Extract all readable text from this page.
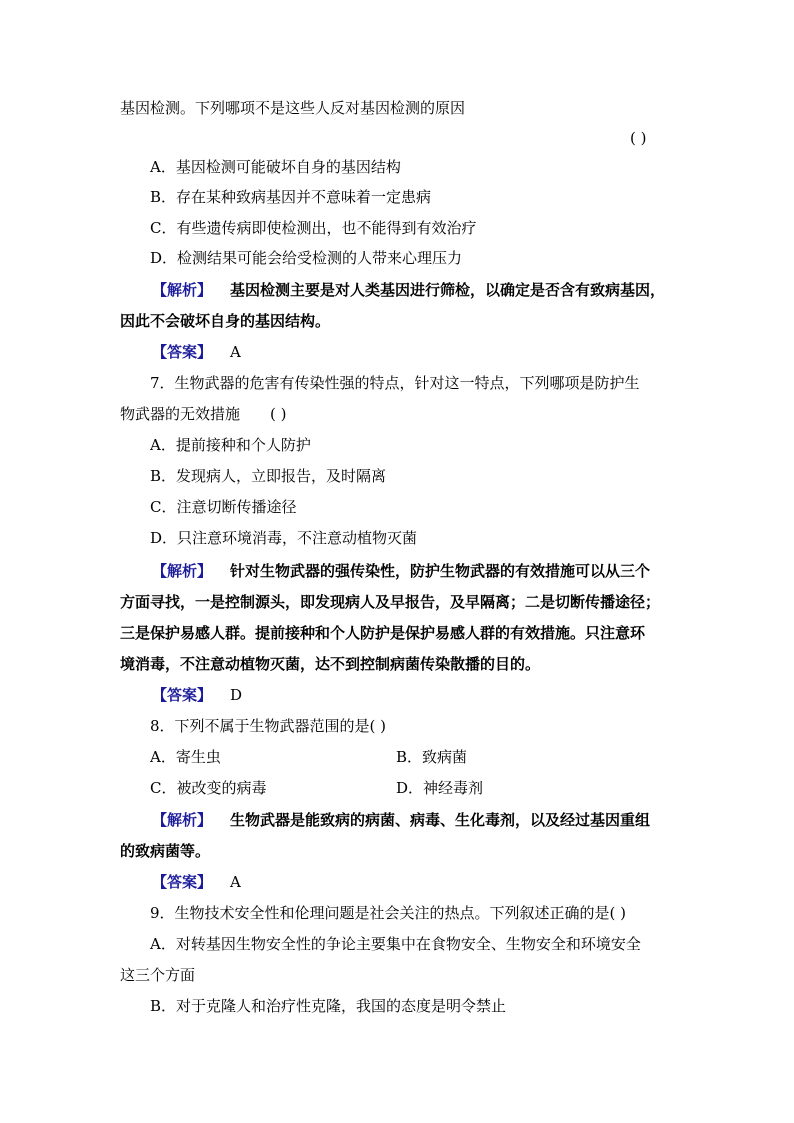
基因检测。下列哪项不是这些人反对基因检测的原因
( )
A．基因检测可能破坏自身的基因结构
B．存在某种致病基因并不意味着一定患病
C．有些遗传病即使检测出，也不能得到有效治疗
D．检测结果可能会给受检测的人带来心理压力
【解析】 基因检测主要是对人类基因进行筛检，以确定是否含有致病基因，
因此不会破坏自身的基因结构。
【答案】 A
7．生物武器的危害有传染性强的特点，针对这一特点，下列哪项是防护生
物武器的无效措施　　( )
A．提前接种和个人防护
B．发现病人，立即报告，及时隔离
C．注意切断传播途径
D．只注意环境消毒，不注意动植物灭菌
【解析】 针对生物武器的强传染性，防护生物武器的有效措施可以从三个
方面寻找，一是控制源头，即发现病人及早报告，及早隔离；二是切断传播途径；
三是保护易感人群。提前接种和个人防护是保护易感人群的有效措施。只注意环
境消毒，不注意动植物灭菌，达不到控制病菌传染散播的目的。
【答案】 D
8．下列不属于生物武器范围的是( )
A．寄生虫	B．致病菌
C．被改变的病毒	D．神经毒剂
【解析】 生物武器是能致病的病菌、病毒、生化毒剂，以及经过基因重组
的致病菌等。
【答案】 A
9．生物技术安全性和伦理问题是社会关注的热点。下列叙述正确的是( )
A．对转基因生物安全性的争论主要集中在食物安全、生物安全和环境安全
这三个方面
B．对于克隆人和治疗性克隆，我国的态度是明令禁止
